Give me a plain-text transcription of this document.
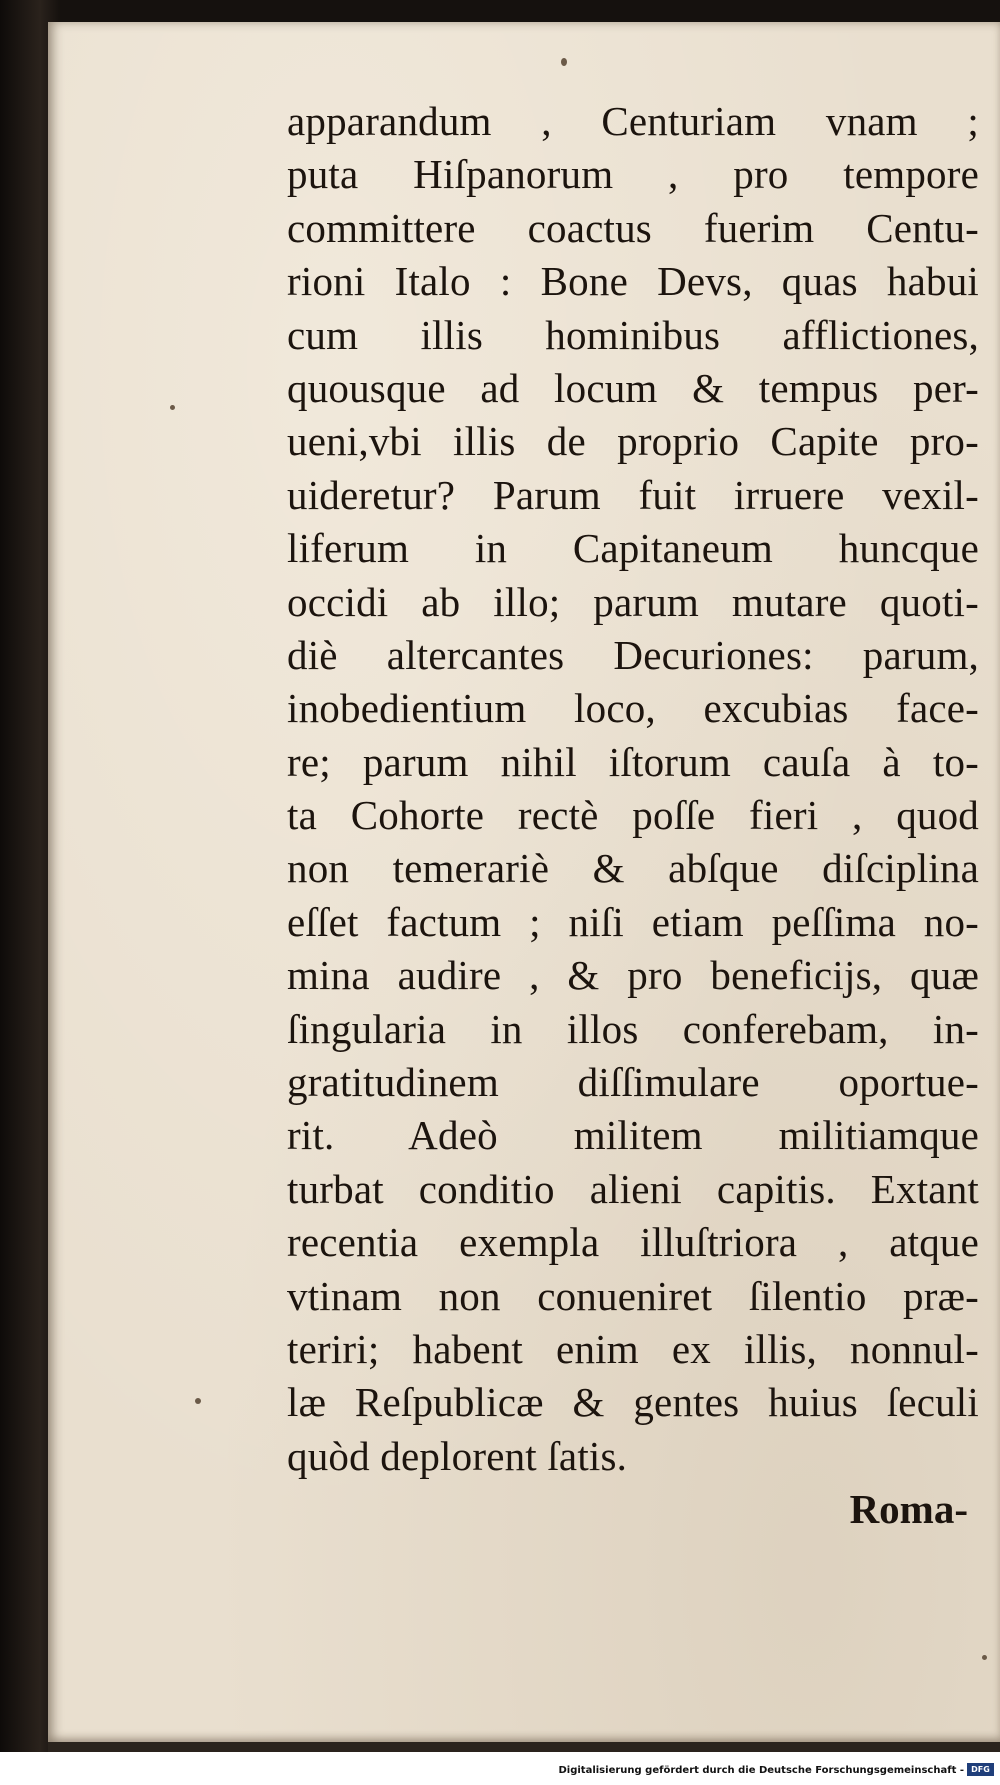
apparandum , Centuriam vnam ;
puta Hiſpanorum , pro tempore
committere coactus fuerim Centu-
rioni Italo : Bone Devs, quas habui
cum illis hominibus afflictiones,
quousque ad locum & tempus per-
ueni,vbi illis de proprio Capite pro-
uideretur? Parum fuit irruere vexil-
liferum in Capitaneum huncque
occidi ab illo; parum mutare quoti-
diè altercantes Decuriones: parum,
inobedientium loco, excubias face-
re; parum nihil iſtorum cauſa à to-
ta Cohorte rectè poſſe fieri , quod
non temerariè & abſque diſciplina
eſſet factum ; niſi etiam peſſima no-
mina audire , & pro beneficijs, quæ
ſingularia in illos conferebam, in-
gratitudinem diſſimulare oportue-
rit. Adeò militem militiamque
turbat conditio alieni capitis. Extant
recentia exempla illuſtriora , atque
vtinam non conueniret ſilentio præ-
teriri; habent enim ex illis, nonnul-
læ Reſpublicæ & gentes huius ſeculi
quòd deplorent ſatis.
Roma-
Digitalisierung gefördert durch die Deutsche Forschungsgemeinschaft - DFG
